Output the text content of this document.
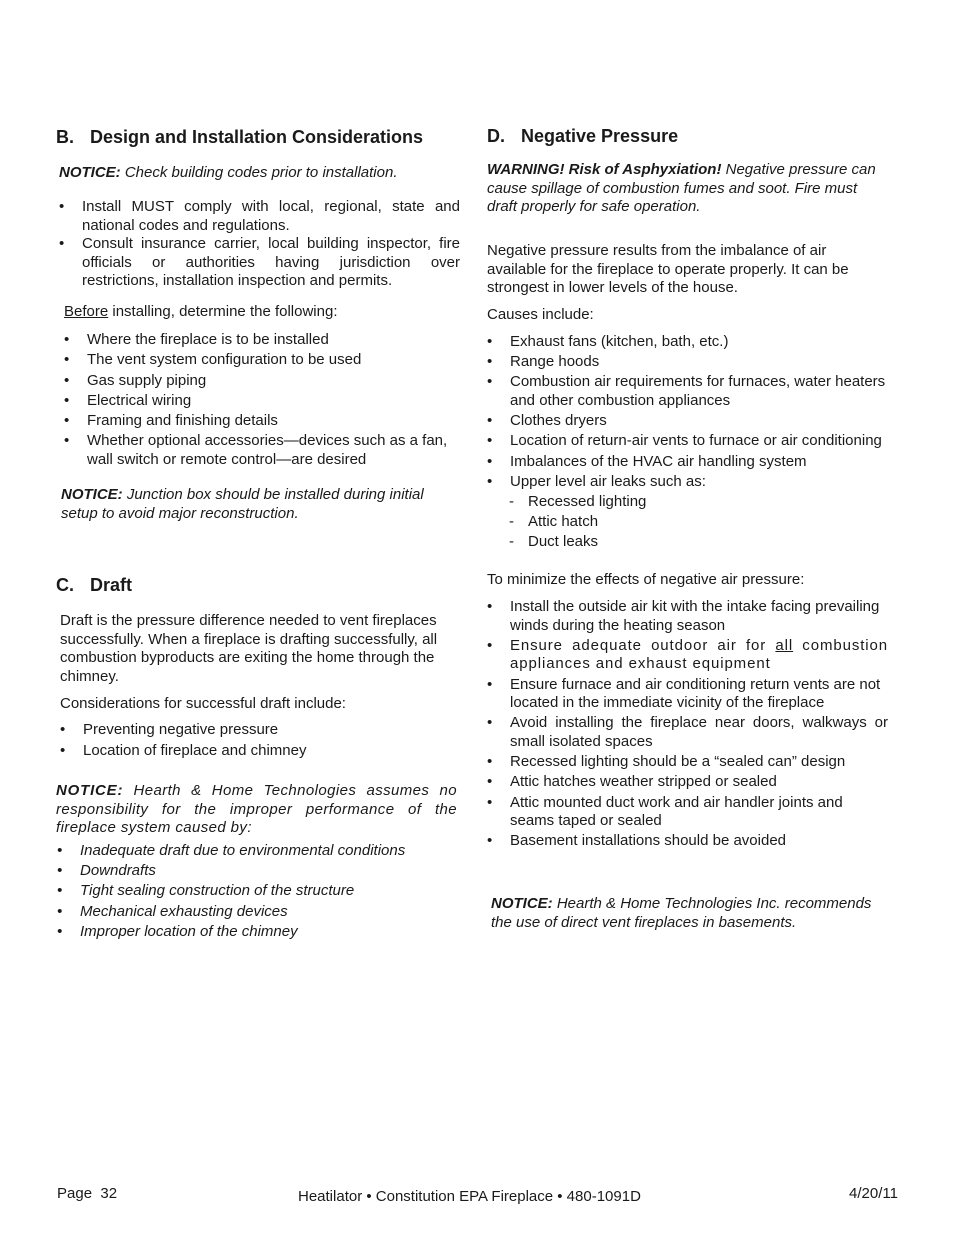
B. Design and Installation Considerations

NOTICE: Check building codes prior to installation.

• Install MUST comply with local, regional, state and national codes and regulations.
• Consult insurance carrier, local building inspector, fire officials or authorities having jurisdiction over restrictions, installation inspection and permits.

Before installing, determine the following:

• Where the fireplace is to be installed
• The vent system configuration to be used
• Gas supply piping
• Electrical wiring
• Framing and finishing details
• Whether optional accessories—devices such as a fan, wall switch or remote control—are desired

NOTICE: Junction box should be installed during initial setup to avoid major reconstruction.

C. Draft

Draft is the pressure difference needed to vent fireplaces successfully. When a fireplace is drafting successfully, all combustion byproducts are exiting the home through the chimney.

Considerations for successful draft include:

• Preventing negative pressure
• Location of fireplace and chimney

NOTICE: Hearth & Home Technologies assumes no responsibility for the improper performance of the fireplace system caused by:

• Inadequate draft due to environmental conditions
• Downdrafts
• Tight sealing construction of the structure
• Mechanical exhausting devices
• Improper location of the chimney
D. Negative Pressure

WARNING! Risk of Asphyxiation! Negative pressure can cause spillage of combustion fumes and soot. Fire must draft properly for safe operation.

Negative pressure results from the imbalance of air available for the fireplace to operate properly. It can be strongest in lower levels of the house.

Causes include:

• Exhaust fans (kitchen, bath, etc.)
• Range hoods
• Combustion air requirements for furnaces, water heaters and other combustion appliances
• Clothes dryers
• Location of return-air vents to furnace or air conditioning
• Imbalances of the HVAC air handling system
• Upper level air leaks such as:
- Recessed lighting
- Attic hatch
- Duct leaks

To minimize the effects of negative air pressure:

• Install the outside air kit with the intake facing prevailing winds during the heating season
• Ensure adequate outdoor air for all combustion appliances and exhaust equipment
• Ensure furnace and air conditioning return vents are not located in the immediate vicinity of the fireplace
• Avoid installing the fireplace near doors, walkways or small isolated spaces
• Recessed lighting should be a “sealed can” design
• Attic hatches weather stripped or sealed
• Attic mounted duct work and air handler joints and seams taped or sealed
• Basement installations should be avoided

NOTICE: Hearth & Home Technologies Inc. recommends the use of direct vent fireplaces in basements.

Page  32	Heatilator • Constitution EPA Fireplace • 480-1091D	4/20/11
